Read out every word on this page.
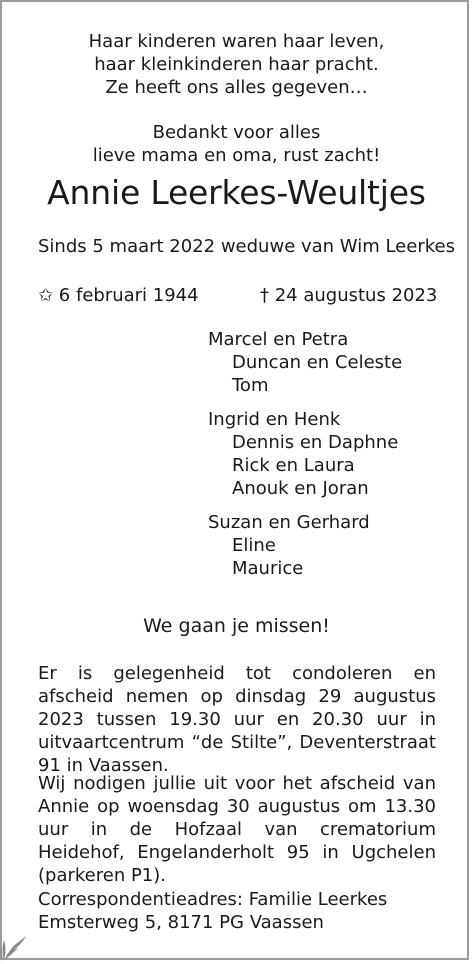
Haar kinderen waren haar leven,
haar kleinkinderen haar pracht.
Ze heeft ons alles gegeven…
Bedankt voor alles
lieve mama en oma, rust zacht!
Annie Leerkes-Weultjes
Sinds 5 maart 2022 weduwe van Wim Leerkes
✩ 6 februari 1944	† 24 augustus 2023
Marcel en Petra
Duncan en Celeste
Tom
Ingrid en Henk
Dennis en Daphne
Rick en Laura
Anouk en Joran
Suzan en Gerhard
Eline
Maurice
We gaan je missen!
Er is gelegenheid tot condoleren en afscheid nemen op dinsdag 29 augustus 2023 tussen 19.30 uur en 20.30 uur in uitvaartcentrum “de Stilte”, Deventerstraat 91 in Vaassen.
Wij nodigen jullie uit voor het afscheid van Annie op woensdag 30 augustus om 13.30 uur in de Hofzaal van crematorium Heidehof, Engelanderholt 95 in Ugchelen (parkeren P1).
Correspondentieadres: Familie Leerkes
Emsterweg 5, 8171 PG Vaassen
